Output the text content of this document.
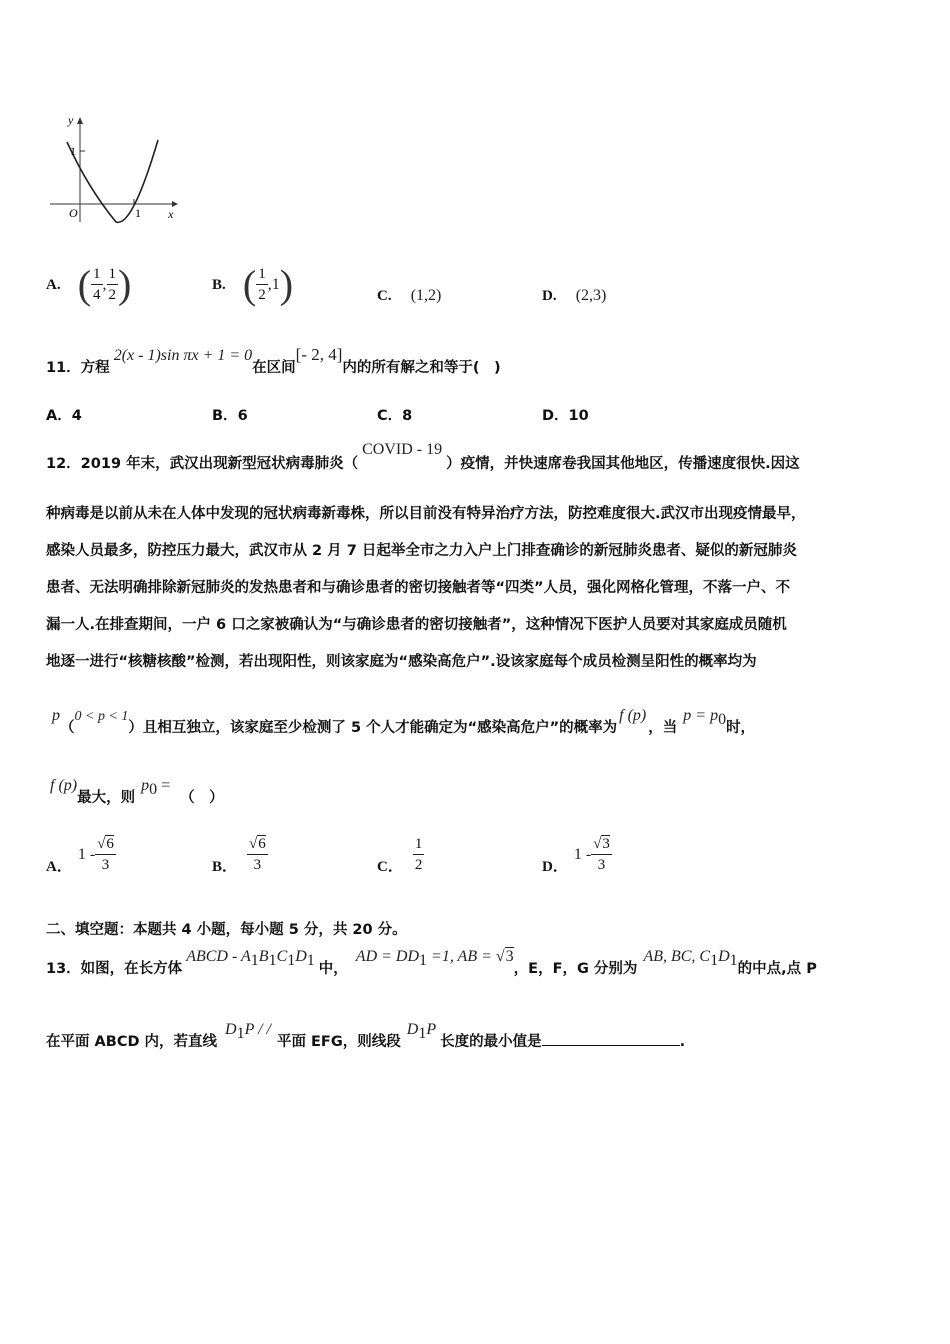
y
x
O
1
1
A. ( $\frac{1}{4}$ , $\frac{1}{2}$ )	B. ( $\frac{1}{2} ,1$)	C. (1,2)	D. (2,3)
11．方程2(x - 1)sin πx + 1 = 0在区间[- 2, 4]内的所有解之和等于(　)
A．4	B．6	C．8	D．10
12．2019 年末，武汉出现新型冠状病毒肺炎（COVID - 19）疫情，并快速席卷我国其他地区，传播速度很快.因这
种病毒是以前从未在人体中发现的冠状病毒新毒株，所以目前没有特异治疗方法，防控难度很大.武汉市出现疫情最早，
感染人员最多，防控压力最大，武汉市从 2 月 7 日起举全市之力入户上门排查确诊的新冠肺炎患者、疑似的新冠肺炎
患者、无法明确排除新冠肺炎的发热患者和与确诊患者的密切接触者等“四类”人员，强化网格化管理，不落一户、不
漏一人.在排查期间，一户 6 口之家被确认为“与确诊患者的密切接触者”，这种情况下医护人员要对其家庭成员随机
地逐一进行“核糖核酸”检测，若出现阳性，则该家庭为“感染高危户”.设该家庭每个成员检测呈阳性的概率均为
p（0 < p < 1）且相互独立，该家庭至少检测了 5 个人才能确定为“感染高危户”的概率为f (p)，当$p = p_0$时，
f (p)最大，则$p_0$ =（　）
A．$1 - \frac{√6}{3}$	B． $\frac{√6}{3}$	C． $\frac{1}{2}$	D．$1 - \frac{√3}{3}$
二、填空题：本题共 4 小题，每小题 5 分，共 20 分。
13．如图，在长方体ABCD - $A_1B_1C_1D_1$ 中，AD = $DD_1 =1$, AB = √3，E，F，G 分别为AB, BC, $C_1D_1$的中点,点 P
在平面 ABCD 内，若直线$D_1P$ / /平面 EFG，则线段$D_1P$长度的最小值是	.
